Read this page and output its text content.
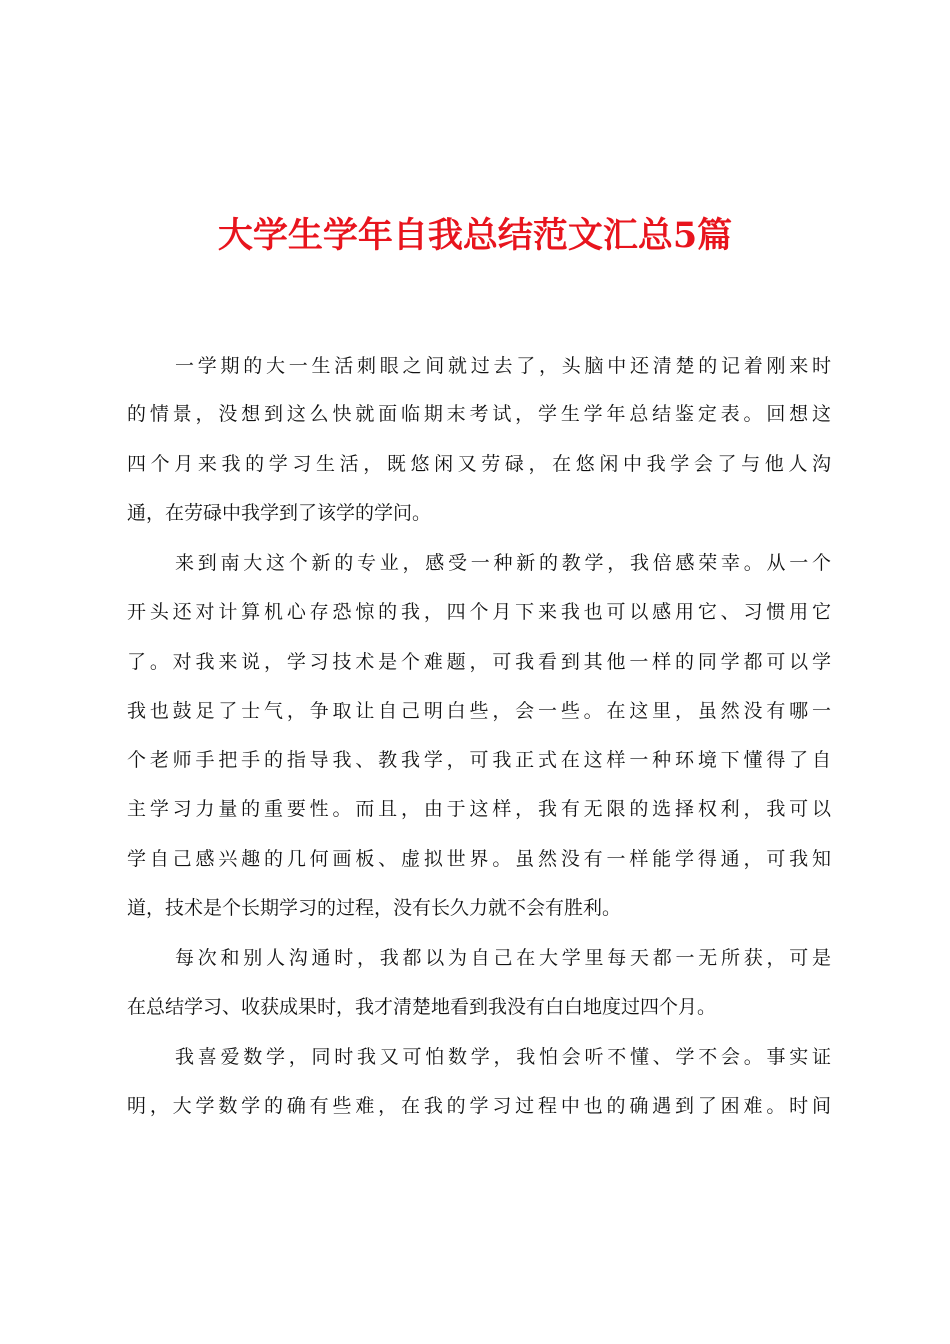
大学生学年自我总结范文汇总5篇
一学期的大一生活刺眼之间就过去了，头脑中还清楚的记着刚来时
的情景，没想到这么快就面临期末考试，学生学年总结鉴定表。回想这
四个月来我的学习生活，既悠闲又劳碌，在悠闲中我学会了与他人沟
通，在劳碌中我学到了该学的学问。
来到南大这个新的专业，感受一种新的教学，我倍感荣幸。从一个
开头还对计算机心存恐惊的我，四个月下来我也可以感用它、习惯用它
了。对我来说，学习技术是个难题，可我看到其他一样的同学都可以学
我也鼓足了士气，争取让自己明白些，会一些。在这里，虽然没有哪一
个老师手把手的指导我、教我学，可我正式在这样一种环境下懂得了自
主学习力量的重要性。而且，由于这样，我有无限的选择权利，我可以
学自己感兴趣的几何画板、虚拟世界。虽然没有一样能学得通，可我知
道，技术是个长期学习的过程，没有长久力就不会有胜利。
每次和别人沟通时，我都以为自己在大学里每天都一无所获，可是
在总结学习、收获成果时，我才清楚地看到我没有白白地度过四个月。
我喜爱数学，同时我又可怕数学，我怕会听不懂、学不会。事实证
明，大学数学的确有些难，在我的学习过程中也的确遇到了困难。时间
